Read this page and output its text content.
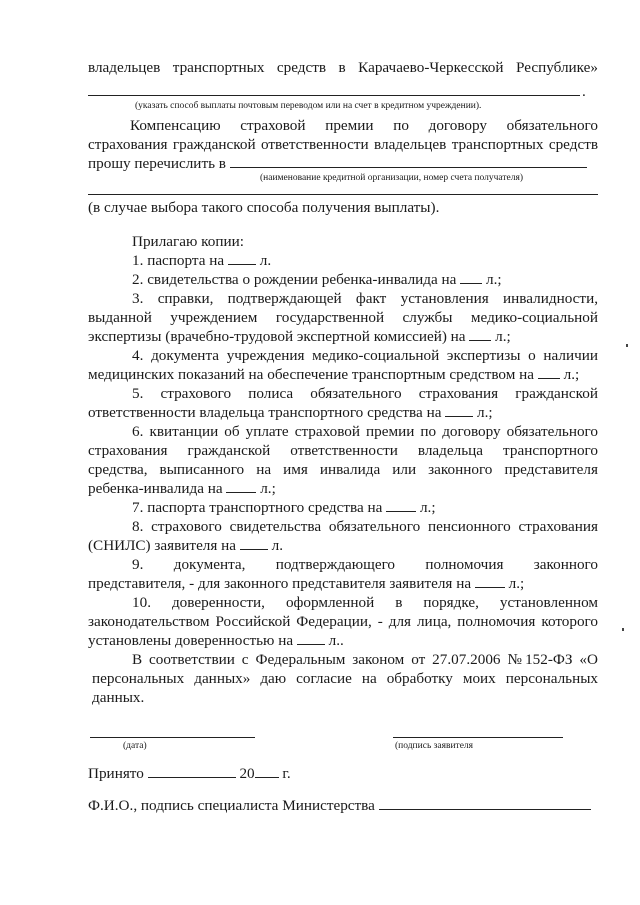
владельцев транспортных средств в Карачаево-Черкесской Республике»
.
(указать способ выплаты почтовым переводом или на счет в кредитном учреждении).
Компенсацию страховой премии по договору обязательного
страхования гражданской ответственности владельцев транспортных средств
прошу перечислить в
(наименование кредитной организации, номер счета получателя)
(в случае выбора такого способа получения выплаты).
Прилагаю копии:
1. паспорта на л.
2. свидетельства о рождении ребенка-инвалида на л.;
3. справки, подтверждающей факт установления инвалидности,
выданной учреждением государственной службы медико-социальной
экспертизы (врачебно-трудовой экспертной комиссией) на л.;
4. документа учреждения медико-социальной экспертизы о наличии
медицинских показаний на обеспечение транспортным средством на л.;
5. страхового полиса обязательного страхования гражданской
ответственности владельца транспортного средства на л.;
6. квитанции об уплате страховой премии по договору обязательного
страхования гражданской ответственности владельца транспортного
средства, выписанного на имя инвалида или законного представителя
ребенка-инвалида на л.;
7. паспорта транспортного средства на л.;
8. страхового свидетельства обязательного пенсионного страхования
(СНИЛС) заявителя на л.
9. документа, подтверждающего полномочия законного
представителя, - для законного представителя заявителя на л.;
10. доверенности, оформленной в порядке, установленном
законодательством Российской Федерации, - для лица, полномочия которого
установлены доверенностью на л..
В соответствии с Федеральным законом от 27.07.2006 №152-ФЗ «О
персональных данных» даю согласие на обработку моих персональных
данных.
(дата)	(подпись заявителя
Принято	20 г.
Ф.И.О., подпись специалиста Министерства
